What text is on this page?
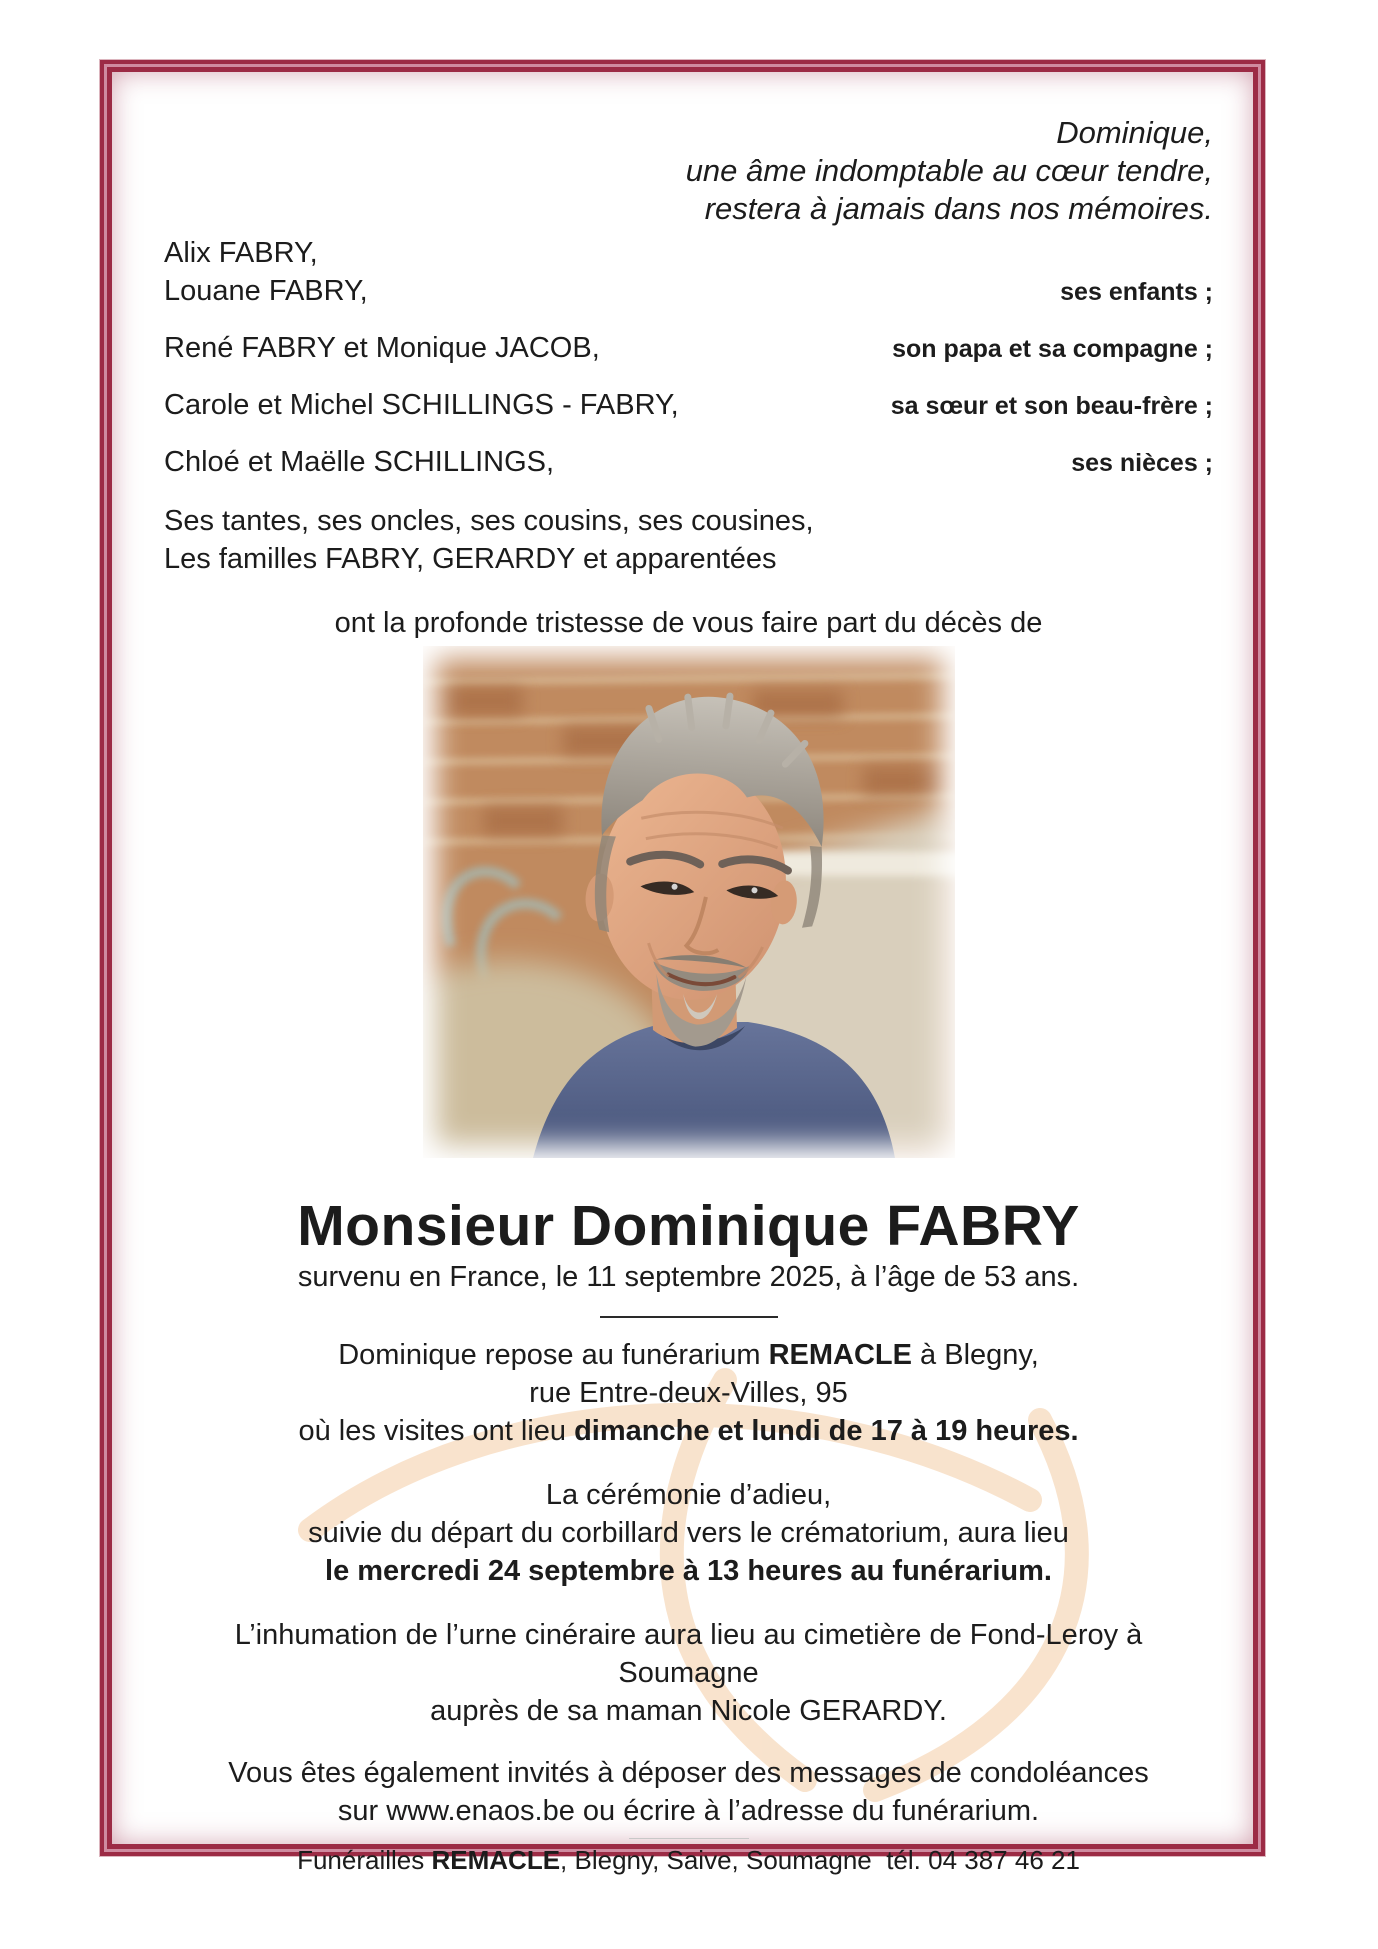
Dominique,
une âme indomptable au cœur tendre,
restera à jamais dans nos mémoires.
Alix FABRY,
Louane FABRY,	ses enfants ;
René FABRY et Monique JACOB,	son papa et sa compagne ;
Carole et Michel SCHILLINGS - FABRY,	sa sœur et son beau-frère ;
Chloé et Maëlle SCHILLINGS,	ses nièces ;
Ses tantes, ses oncles, ses cousins, ses cousines,
Les familles FABRY, GERARDY et apparentées
ont la profonde tristesse de vous faire part du décès de
Monsieur Dominique FABRY
survenu en France, le 11 septembre 2025, à l’âge de 53 ans.
Dominique repose au funérarium REMACLE à Blegny,
rue Entre-deux-Villes, 95
où les visites ont lieu dimanche et lundi de 17 à 19 heures.
La cérémonie d’adieu,
suivie du départ du corbillard vers le crématorium, aura lieu
le mercredi 24 septembre à 13 heures au funérarium.
L’inhumation de l’urne cinéraire aura lieu au cimetière de Fond-Leroy à Soumagne
auprès de sa maman Nicole GERARDY.
Vous êtes également invités à déposer des messages de condoléances
sur www.enaos.be ou écrire à l’adresse du funérarium.
Funérailles REMACLE, Blegny, Saive, Soumagne  tél. 04 387 46 21
